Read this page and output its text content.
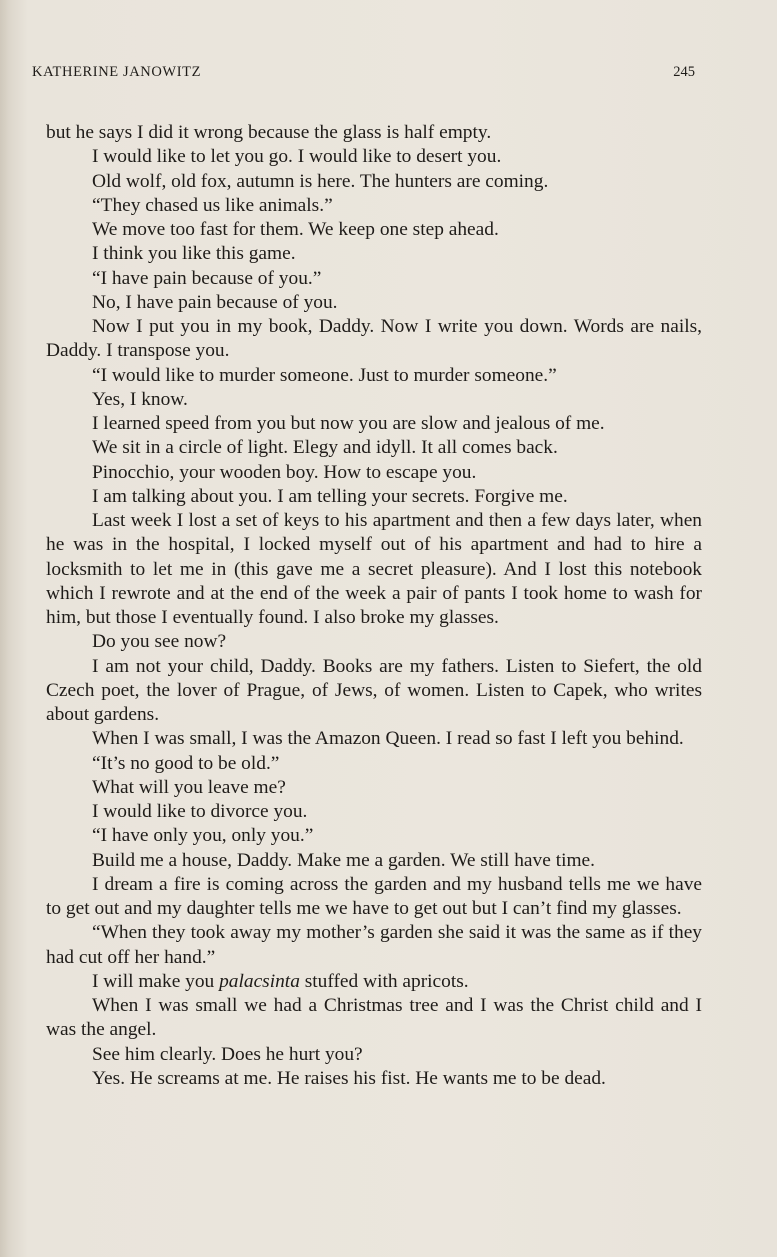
KATHERINE JANOWITZ	245

but he says I did it wrong because the glass is half empty.

I would like to let you go. I would like to desert you.

Old wolf, old fox, autumn is here. The hunters are coming.

“They chased us like animals.”

We move too fast for them. We keep one step ahead.

I think you like this game.

“I have pain because of you.”

No, I have pain because of you.

Now I put you in my book, Daddy. Now I write you down. Words are nails, Daddy. I transpose you.

“I would like to murder someone. Just to murder someone.”

Yes, I know.

I learned speed from you but now you are slow and jealous of me.

We sit in a circle of light. Elegy and idyll. It all comes back.

Pinocchio, your wooden boy. How to escape you.

I am talking about you. I am telling your secrets. Forgive me.

Last week I lost a set of keys to his apartment and then a few days later, when he was in the hospital, I locked myself out of his apartment and had to hire a locksmith to let me in (this gave me a secret pleasure). And I lost this notebook which I rewrote and at the end of the week a pair of pants I took home to wash for him, but those I eventually found. I also broke my glasses.

Do you see now?

I am not your child, Daddy. Books are my fathers. Listen to Siefert, the old Czech poet, the lover of Prague, of Jews, of women. Listen to Capek, who writes about gardens.

When I was small, I was the Amazon Queen. I read so fast I left you behind.

“It’s no good to be old.”

What will you leave me?

I would like to divorce you.

“I have only you, only you.”

Build me a house, Daddy. Make me a garden. We still have time.

I dream a fire is coming across the garden and my husband tells me we have to get out and my daughter tells me we have to get out but I can’t find my glasses.

“When they took away my mother’s garden she said it was the same as if they had cut off her hand.”

I will make you palacsinta stuffed with apricots.

When I was small we had a Christmas tree and I was the Christ child and I was the angel.

See him clearly. Does he hurt you?

Yes. He screams at me. He raises his fist. He wants me to be dead.
